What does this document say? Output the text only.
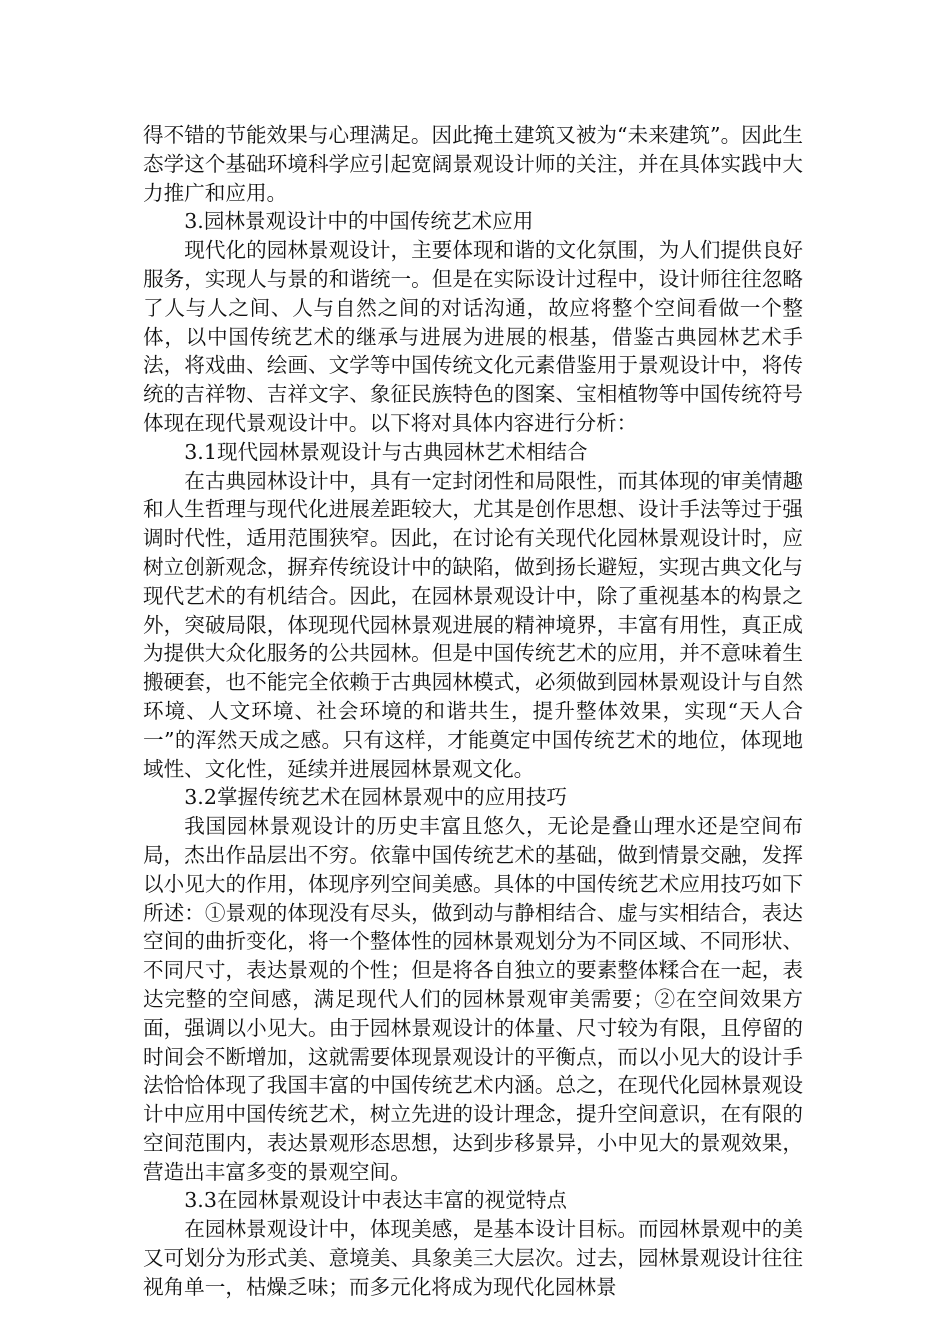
得不错的节能效果与心理满足。因此掩土建筑又被为“未来建筑”。因此生态学这个基础环境科学应引起宽阔景观设计师的关注，并在具体实践中大力推广和应用。

3.园林景观设计中的中国传统艺术应用

现代化的园林景观设计，主要体现和谐的文化氛围，为人们提供良好服务，实现人与景的和谐统一。但是在实际设计过程中，设计师往往忽略了人与人之间、人与自然之间的对话沟通，故应将整个空间看做一个整体，以中国传统艺术的继承与进展为进展的根基，借鉴古典园林艺术手法，将戏曲、绘画、文学等中国传统文化元素借鉴用于景观设计中，将传统的吉祥物、吉祥文字、象征民族特色的图案、宝相植物等中国传统符号体现在现代景观设计中。以下将对具体内容进行分析：

3.1现代园林景观设计与古典园林艺术相结合

在古典园林设计中，具有一定封闭性和局限性，而其体现的审美情趣和人生哲理与现代化进展差距较大，尤其是创作思想、设计手法等过于强调时代性，适用范围狭窄。因此，在讨论有关现代化园林景观设计时，应树立创新观念，摒弃传统设计中的缺陷，做到扬长避短，实现古典文化与现代艺术的有机结合。因此，在园林景观设计中，除了重视基本的构景之外，突破局限，体现现代园林景观进展的精神境界，丰富有用性，真正成为提供大众化服务的公共园林。但是中国传统艺术的应用，并不意味着生搬硬套，也不能完全依赖于古典园林模式，必须做到园林景观设计与自然环境、人文环境、社会环境的和谐共生，提升整体效果，实现“天人合一”的浑然天成之感。只有这样，才能奠定中国传统艺术的地位，体现地域性、文化性，延续并进展园林景观文化。

3.2掌握传统艺术在园林景观中的应用技巧

我国园林景观设计的历史丰富且悠久，无论是叠山理水还是空间布局，杰出作品层出不穷。依靠中国传统艺术的基础，做到情景交融，发挥以小见大的作用，体现序列空间美感。具体的中国传统艺术应用技巧如下所述：①景观的体现没有尽头，做到动与静相结合、虚与实相结合，表达空间的曲折变化，将一个整体性的园林景观划分为不同区域、不同形状、不同尺寸，表达景观的个性；但是将各自独立的要素整体糅合在一起，表达完整的空间感，满足现代人们的园林景观审美需要；②在空间效果方面，强调以小见大。由于园林景观设计的体量、尺寸较为有限，且停留的时间会不断增加，这就需要体现景观设计的平衡点，而以小见大的设计手法恰恰体现了我国丰富的中国传统艺术内涵。总之，在现代化园林景观设计中应用中国传统艺术，树立先进的设计理念，提升空间意识，在有限的空间范围内，表达景观形态思想，达到步移景异，小中见大的景观效果，营造出丰富多变的景观空间。

3.3在园林景观设计中表达丰富的视觉特点

在园林景观设计中，体现美感，是基本设计目标。而园林景观中的美又可划分为形式美、意境美、具象美三大层次。过去，园林景观设计往往视角单一，枯燥乏味；而多元化将成为现代化园林景
